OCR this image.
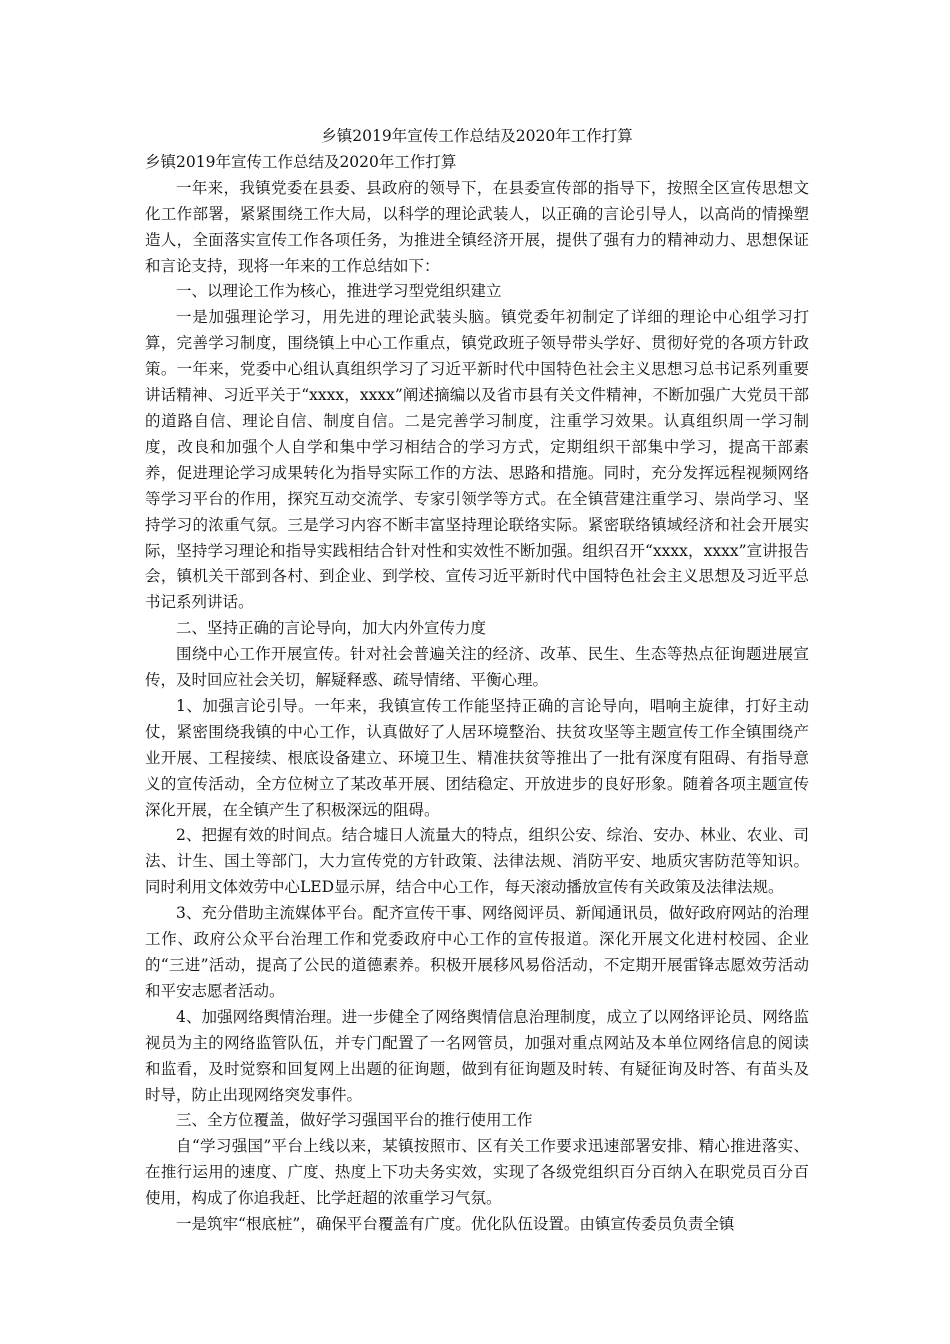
乡镇2019年宣传工作总结及2020年工作打算
乡镇2019年宣传工作总结及2020年工作打算

一年来，我镇党委在县委、县政府的领导下，在县委宣传部的指导下，按照全区宣传思想文化工作部署，紧紧围绕工作大局，以科学的理论武装人，以正确的言论引导人，以高尚的情操塑造人，全面落实宣传工作各项任务，为推进全镇经济开展，提供了强有力的精神动力、思想保证和言论支持，现将一年来的工作总结如下：

一、以理论工作为核心，推进学习型党组织建立

一是加强理论学习，用先进的理论武装头脑。镇党委年初制定了详细的理论中心组学习打算，完善学习制度，围绕镇上中心工作重点，镇党政班子领导带头学好、贯彻好党的各项方针政策。一年来，党委中心组认真组织学习了习近平新时代中国特色社会主义思想习总书记系列重要讲话精神、习近平关于“xxxx，xxxx”阐述摘编以及省市县有关文件精神，不断加强广大党员干部的道路自信、理论自信、制度自信。二是完善学习制度，注重学习效果。认真组织周一学习制度，改良和加强个人自学和集中学习相结合的学习方式，定期组织干部集中学习，提高干部素养，促进理论学习成果转化为指导实际工作的方法、思路和措施。同时，充分发挥远程视频网络等学习平台的作用，探究互动交流学、专家引领学等方式。在全镇营建注重学习、崇尚学习、坚持学习的浓重气氛。三是学习内容不断丰富坚持理论联络实际。紧密联络镇域经济和社会开展实际，坚持学习理论和指导实践相结合针对性和实效性不断加强。组织召开“xxxx，xxxx”宣讲报告会，镇机关干部到各村、到企业、到学校、宣传习近平新时代中国特色社会主义思想及习近平总书记系列讲话。

二、坚持正确的言论导向，加大内外宣传力度

围绕中心工作开展宣传。针对社会普遍关注的经济、改革、民生、生态等热点征询题进展宣传，及时回应社会关切，解疑释惑、疏导情绪、平衡心理。

1、加强言论引导。一年来，我镇宣传工作能坚持正确的言论导向，唱响主旋律，打好主动仗，紧密围绕我镇的中心工作，认真做好了人居环境整治、扶贫攻坚等主题宣传工作全镇围绕产业开展、工程接续、根底设备建立、环境卫生、精准扶贫等推出了一批有深度有阻碍、有指导意义的宣传活动，全方位树立了某改革开展、团结稳定、开放进步的良好形象。随着各项主题宣传深化开展，在全镇产生了积极深远的阻碍。

2、把握有效的时间点。结合墟日人流量大的特点，组织公安、综治、安办、林业、农业、司法、计生、国土等部门，大力宣传党的方针政策、法律法规、消防平安、地质灾害防范等知识。同时利用文体效劳中心LED显示屏，结合中心工作，每天滚动播放宣传有关政策及法律法规。

3、充分借助主流媒体平台。配齐宣传干事、网络阅评员、新闻通讯员，做好政府网站的治理工作、政府公众平台治理工作和党委政府中心工作的宣传报道。深化开展文化进村校园、企业的“三进”活动，提高了公民的道德素养。积极开展移风易俗活动，不定期开展雷锋志愿效劳活动和平安志愿者活动。

4、加强网络舆情治理。进一步健全了网络舆情信息治理制度，成立了以网络评论员、网络监视员为主的网络监管队伍，并专门配置了一名网管员，加强对重点网站及本单位网络信息的阅读和监看，及时觉察和回复网上出题的征询题，做到有征询题及时转、有疑征询及时答、有苗头及时导，防止出现网络突发事件。

三、全方位覆盖，做好学习强国平台的推行使用工作

自“学习强国”平台上线以来，某镇按照市、区有关工作要求迅速部署安排、精心推进落实、在推行运用的速度、广度、热度上下功夫务实效，实现了各级党组织百分百纳入在职党员百分百使用，构成了你追我赶、比学赶超的浓重学习气氛。

一是筑牢“根底桩”，确保平台覆盖有广度。优化队伍设置。由镇宣传委员负责全镇
